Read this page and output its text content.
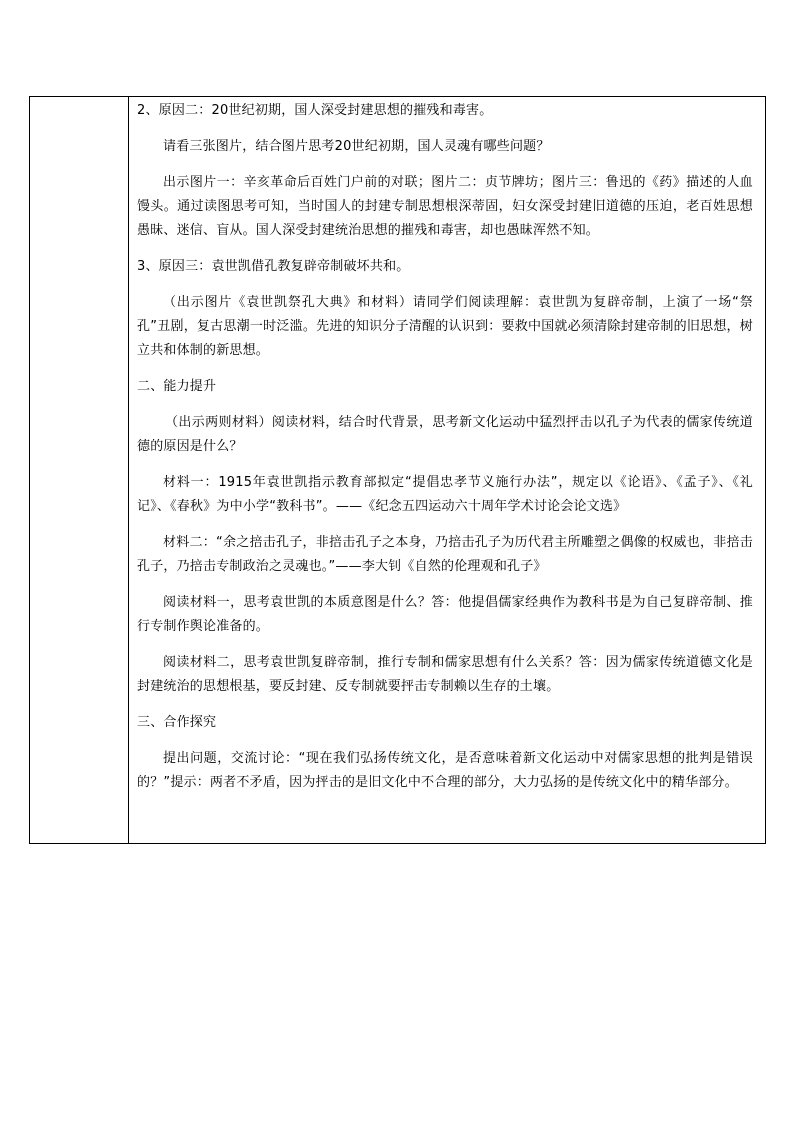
2、原因二：20世纪初期，国人深受封建思想的摧残和毒害。

请看三张图片，结合图片思考20世纪初期，国人灵魂有哪些问题？

出示图片一：辛亥革命后百姓门户前的对联；图片二：贞节牌坊；图片三：鲁迅的《药》描述的人血馒头。通过读图思考可知，当时国人的封建专制思想根深蒂固，妇女深受封建旧道德的压迫，老百姓思想愚昧、迷信、盲从。国人深受封建统治思想的摧残和毒害，却也愚昧浑然不知。

3、原因三：袁世凯借孔教复辟帝制破坏共和。

（出示图片《袁世凯祭孔大典》和材料）请同学们阅读理解：袁世凯为复辟帝制，上演了一场“祭孔”丑剧，复古思潮一时泛滥。先进的知识分子清醒的认识到：要救中国就必须清除封建帝制的旧思想，树立共和体制的新思想。

二、能力提升

（出示两则材料）阅读材料，结合时代背景，思考新文化运动中猛烈抨击以孔子为代表的儒家传统道德的原因是什么？

材料一：1915年袁世凯指示教育部拟定“提倡忠孝节义施行办法”，规定以《论语》、《孟子》、《礼记》、《春秋》为中小学“教科书”。——《纪念五四运动六十周年学术讨论会论文选》

材料二：“余之掊击孔子，非掊击孔子之本身，乃掊击孔子为历代君主所雕塑之偶像的权威也，非掊击孔子，乃掊击专制政治之灵魂也。”——李大钊《自然的伦理观和孔子》

阅读材料一，思考袁世凯的本质意图是什么？答：他提倡儒家经典作为教科书是为自己复辟帝制、推行专制作舆论准备的。

阅读材料二，思考袁世凯复辟帝制，推行专制和儒家思想有什么关系？答：因为儒家传统道德文化是封建统治的思想根基，要反封建、反专制就要抨击专制赖以生存的土壤。

三、合作探究

提出问题，交流讨论：“现在我们弘扬传统文化，是否意味着新文化运动中对儒家思想的批判是错误的？”提示：两者不矛盾，因为抨击的是旧文化中不合理的部分，大力弘扬的是传统文化中的精华部分。
